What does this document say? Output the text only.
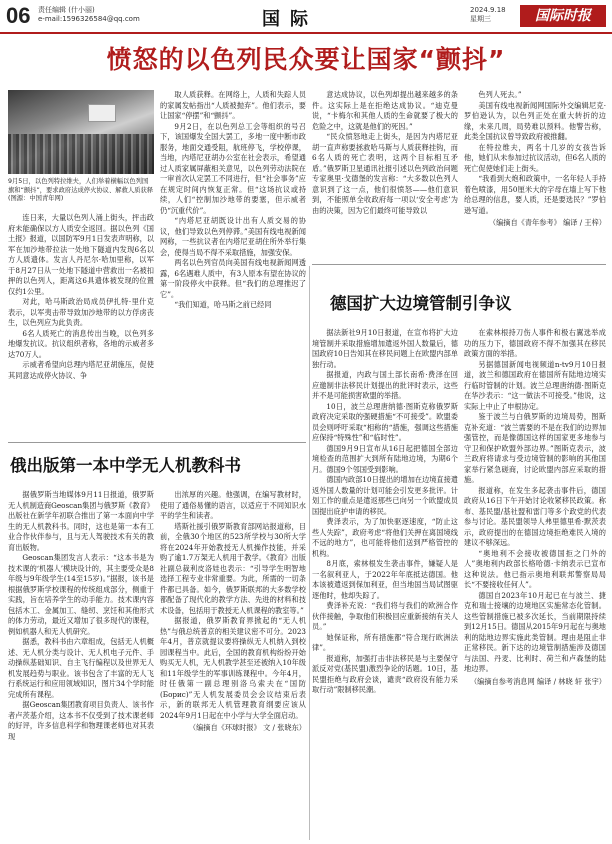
06 责任编辑 (什小丽)
e-mail:1596326584@qq.com	国际	2024.9.18
星期三	国际时报
愤怒的以色列民众要让国家“颤抖”
9月5日，以色列特拉维夫，人们举着横幅以色列国旗和“颤抖”，要求政府达成停火协议、解救人质获释(图源：中国青年网)

连日来，大量以色列人涌上街头，抨击政府未能确保以方人质安全返回。据以色列《国土报》报道，以国防军9月1日发表声明称，以军在加沙地带拉法一处地下隧道内发现6名以方人质遗体。发言人丹尼尔·哈加里称，以军于8月27日从一处地下隧道中营救出一名被扣押的以色列人，距离这6具遗体被发现的位置仅约1公里。

对此，哈马斯政治局成员伊扎特·里什克表示，以军夷击带导致加沙地带的以方俘虏丧生，以色列应为此负责。

6名人质死亡的消息传出当晚，以色列多地爆发抗议。抗议组织者称，各地的示威者多达70万人。

示威者希望向总理内塔尼亚胡施压，促使其同意达成停火协议、争

取人质获释。在网络上，人质和失踪人员的家属发帖指出“人质被抛弃”。他们表示，要让国家“停摆”和“颤抖”。

9月2日，在以色列总工会等组织的号召下，该国爆发全国大罢工，多地一度中断市政服务，地面交通受阻，航班停飞，学校停课，当地，内塔尼亚胡办公室在社会表示，希望通过人质家属屏蔽相关意见，以色列劳动法院在一审首次认定罢工不同进行，但“社会事务”应在规定时间内恢复正常。但“这场抗议或持续，人们“控制加沙地带的要塞，但示威者仍“沉重代价”。

“内塔尼亚胡既设计出有人质交易的协议，他们导致以色列停滞。”美国有线电视新闻网称，一些抗议者在内塔尼亚胡住所外举行集会，使得当局不得不采取措施，加强安保。

两名以色列官员向美国有线电视新闻网透露，6名遇难人质中，有3人原本有望在协议的第一阶段停火中获释。但“我们的总理推迟了它”。

“我们知道，哈马斯之前已经同

意达成协议，以色列却提出越来越多的条件。这实际上是在拒绝达成协议。“迪克曼说，“卡梅尔和其他人质的生命就要了极大的危险之中，这就是他们的死因。”

“民众愤怒地走上街头，是因为内塔尼亚胡一直声称要拯救哈马斯与人质获释挂钩，而6名人质的死亡表明，这两个目标相互矛盾。”俄罗斯卫星通讯社报引述以色列政治问题专家奥里·戈德堡的发言称：“大多数以色列人意识到了这一点，他们很愤怒——他们意识到，不能照单全收政府每一项以‘安全考虑’为由的决策，因为它们最终可能导致以

色列人死去。”

美国有线电视新闻网国际外交编辑尼克·罗伯逊认为，以色列正处在重大转折的边缘，未来几周，局势难以预料。他警告称，此类全国抗议曾导致政府被推翻。

在特拉维夫，两名十几岁的女孩告诉他，她们从未参加过抗议活动，但6名人质的死亡促使她们走上街头。

“我看到大炮和政策中，一名年轻人手持着色喷漆，用50厘米大的字母在墙上写下他给总理的信息，要人质，还是要选民？”罗伯逊写道。

（编摘自《青年参考》 编译 / 王梓）
德国扩大边境管制引争议

据法新社9月10日报道，在宣布将扩大边境管制并采取措施增加遣返外国人数量后，德国政府10日告知其在移民问题上在欧盟内部单独行动。

据报道，内政与国土部长南希·费泽在回应邀制非法移民计划提出的批评时表示，这些并不是可能损害欧盟的举措。

10日，波兰总理唐纳德·图斯克称俄罗斯政府决定采取的强硬措施“不可接受”。欧盟委员会则呼吁采取“相称的“措施，强调这些措施应保持“特殊性”和“临时性”。

德国9月9日宣布从16日起把德国全部边境检查的范围扩大到所有陆地边境，为期6个月。德国9个邻国受到影响。

德国内政部10日提出的增加在边境直接遣返外国人数量的计划可能会引发更多批评。计划工作的重点是遣返那些已向另一个欧盟成员国提出庇护申请的移民。

费泽表示，为了加快驱逐速度，“防止这些人失踪”，政府考虑“将他们关押在离国境线不远的地方”，也可能将他们送到严格管控的机构。

8月底，索林根发生袭击事件，嫌疑人是一名叙利亚人，于2022年年底抵达德国。他本该被遣返到保加利亚，但当地国当局试图驱逐他时，他却失踪了。

费泽补充说：“我们将与我们的欧洲合作伙伴接触，争取他们积极回应重新接纳有关人员。”

她保证称，所有措施都“符合现行欧洲法律”。

报道称，加强打击非法移民是与主要保守派反对党(基民盟)激烈争论的话题。10日，基民盟拒绝与政府会谈，谴责“政府没有能力采取行动”限制移民潮。

在索林根持刀伤人事件和极右翼选举成功的压力下，德国政府不得不加强其在移民政策方面的举措。

另据德国新闻电视频道n-tv9月10日报道，波兰和德国政府在德国所有陆地边境实行临时管制的计划。波兰总理唐纳德·图斯克在华沙表示：“这一做法不可接受。”他说，这实际上中止了申根协定。

鉴于波兰与白俄罗斯的边境局势，图斯克补充道：“波兰需要的不是在我们的边界加强管控，而是像德国这样的国家更多地参与守卫和保护欧盟外部边界。”图斯克表示，波兰政府将请求与受边境管制的影响的其他国家举行紧急磋商，讨论欧盟内部应采取的措施。

报道称，在发生多起袭击事件后，德国政府从16日下午开始讨论收紧移民政策。称布、基民盟/基社盟和雷门等多个政党的代表参与讨论。基民盟领导人弗里德里希·默茨表示，政府提出的在德国边境拒绝难民入境的建议不够深远。

“奥地利不会接收被德国拒之门外的人”奥地利内政部长格哈德·卡纳表示已宣布这种说法。他已指示奥地利联邦警察局局长“不要接收任何人”。

德国自2023年10月起已在与波兰、捷克和瑞士接壤的边境地区实施常态化管制。这些管制措施已被多次延长，当前期限持续到12月15日。德国从2015年9月起在与奥地利的陆地边界实施此类管制。理由是阻止非正常移民。新下达的边境管制措施涉及德国与法国、丹麦、比利时、荷兰和卢森堡的陆地边界。

（编摘自参考消息网 编译 / 林晓 轩 张宇）
俄出版第一本中学无人机教科书

据俄罗斯当地媒体9月11日报道，俄罗斯无人机制造商Geoscan集团与俄罗斯《教育》出版社在新学年初联合推出了第一本面向中学生的无人机教科书。同时，这也是第一本有工业合作伙伴参与，且与无人驾驶技术有关的教育出版物。

Geoscan集团发言人表示：“这本书是为技术课的‘机器人’模块设计的，其主要受众是8年级与9年级学生(14至15岁)。”据报，该书是根据俄罗斯学校课程的传统组成部分，侧重于实践，旨在培养学生的动手能力。技术课内容包括木工、金属加工、缝纫、烹饪和其他形式的体力劳动，最近又增加了很多现代的课程，例如机器人和无人机研究。

据悉，教科书由六章组成，包括无人机概述、无人机分类与设计、无人机电子元件、手动操纵基础知识、自主飞行编程以及世界无人机发展趋势与职业。该书包含了丰富的无人飞行系统运行和应用领域知识，图片34个学时能完成所有课程。

据Geoscan集团教育项目负责人、该书作者卢茨基介绍，这本书不仅受到了技术课老师的好评，许多信息科学和物理课老师也对其表现

出浓厚的兴趣。他强调，在编写教材时，使用了通俗易懂的语言，以适应于不同知识水平的学生和读者。

塔斯社援引俄罗斯教育部网站报道称，目前，全俄30个地区的523所学校与30所大学将在2024年开始教授无人机操作技能，并采购了逾1.7万架无人机用于教学。《教育》出版社副总裁利皮洛娃也表示：“引导学生明智地选择工程专业非常重要。为此，所需的一切条件都已具备。如今，俄罗斯联邦的大多数学校都配备了现代化的教学方法、先进的材料和技术设备，包括用于教授无人机课程的教室等。”

据报道，俄罗斯教育界掀起的“无人机热”与俄总统普京的相关建议密不可分。2023年4月，普京就提议要将操纵无人机纳入到校园课程当中。此后，全国的教育机构纷纷开始购买无人机，无人机教学甚至还被纳入10年级和11年级学生的军事训练课程中。今年4月，时任俄第一副总理别洛乌索夫在“国防(Борис)”无人机发展委员会会议结束后表示，新的联邦无人机管理教育纲要应该从2024年9月1日起在中小学与大学全面启动。

（编摘自《环球时报》 文 / 张晓东）
